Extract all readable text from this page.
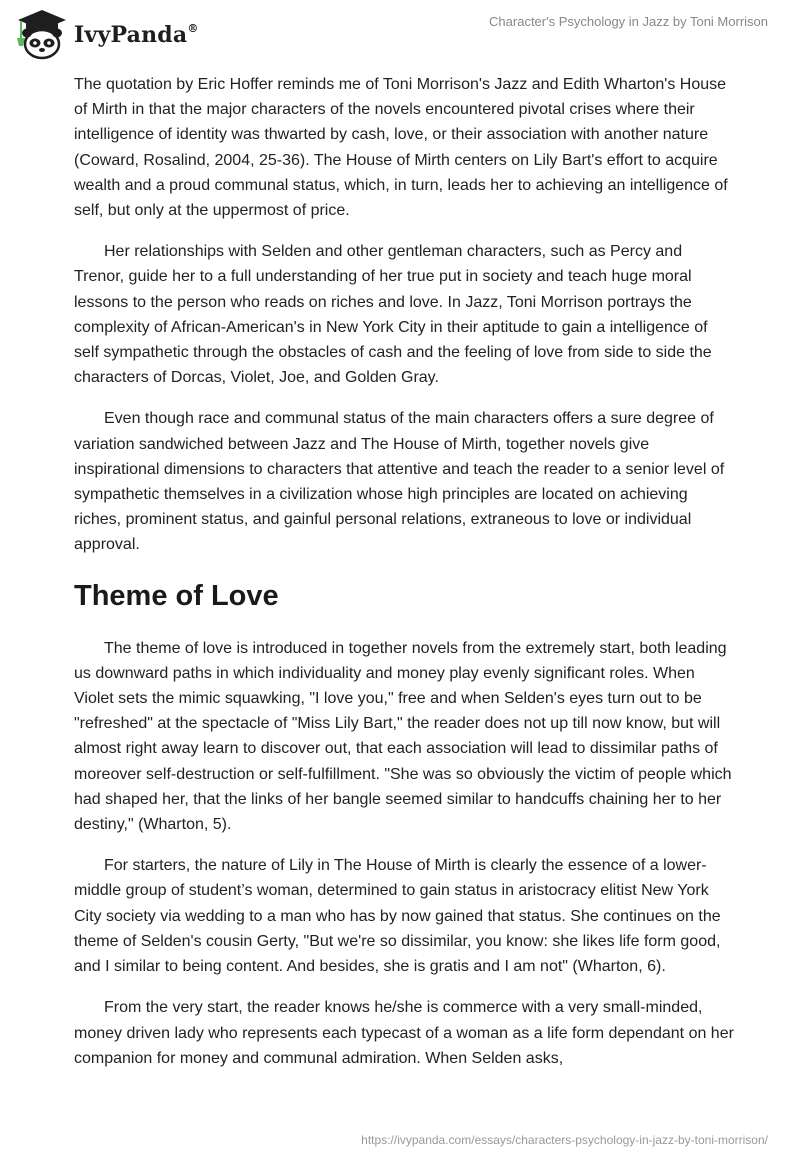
IvyPanda®	Character's Psychology in Jazz by Toni Morrison

The quotation by Eric Hoffer reminds me of Toni Morrison's Jazz and Edith Wharton's House of Mirth in that the major characters of the novels encountered pivotal crises where their intelligence of identity was thwarted by cash, love, or their association with another nature (Coward, Rosalind, 2004, 25-36). The House of Mirth centers on Lily Bart's effort to acquire wealth and a proud communal status, which, in turn, leads her to achieving an intelligence of self, but only at the uppermost of price.

Her relationships with Selden and other gentleman characters, such as Percy and Trenor, guide her to a full understanding of her true put in society and teach huge moral lessons to the person who reads on riches and love. In Jazz, Toni Morrison portrays the complexity of African-American's in New York City in their aptitude to gain a intelligence of self sympathetic through the obstacles of cash and the feeling of love from side to side the characters of Dorcas, Violet, Joe, and Golden Gray.

Even though race and communal status of the main characters offers a sure degree of variation sandwiched between Jazz and The House of Mirth, together novels give inspirational dimensions to characters that attentive and teach the reader to a senior level of sympathetic themselves in a civilization whose high principles are located on achieving riches, prominent status, and gainful personal relations, extraneous to love or individual approval.

Theme of Love

The theme of love is introduced in together novels from the extremely start, both leading us downward paths in which individuality and money play evenly significant roles. When Violet sets the mimic squawking, "I love you," free and when Selden's eyes turn out to be "refreshed" at the spectacle of "Miss Lily Bart," the reader does not up till now know, but will almost right away learn to discover out, that each association will lead to dissimilar paths of moreover self-destruction or self-fulfillment. "She was so obviously the victim of people which had shaped her, that the links of her bangle seemed similar to handcuffs chaining her to her destiny," (Wharton, 5).

For starters, the nature of Lily in The House of Mirth is clearly the essence of a lower-middle group of student’s woman, determined to gain status in aristocracy elitist New York City society via wedding to a man who has by now gained that status. She continues on the theme of Selden's cousin Gerty, "But we're so dissimilar, you know: she likes life form good, and I similar to being content. And besides, she is gratis and I am not" (Wharton, 6).

From the very start, the reader knows he/she is commerce with a very small-minded, money driven lady who represents each typecast of a woman as a life form dependant on her companion for money and communal admiration. When Selden asks,

https://ivypanda.com/essays/characters-psychology-in-jazz-by-toni-morrison/
